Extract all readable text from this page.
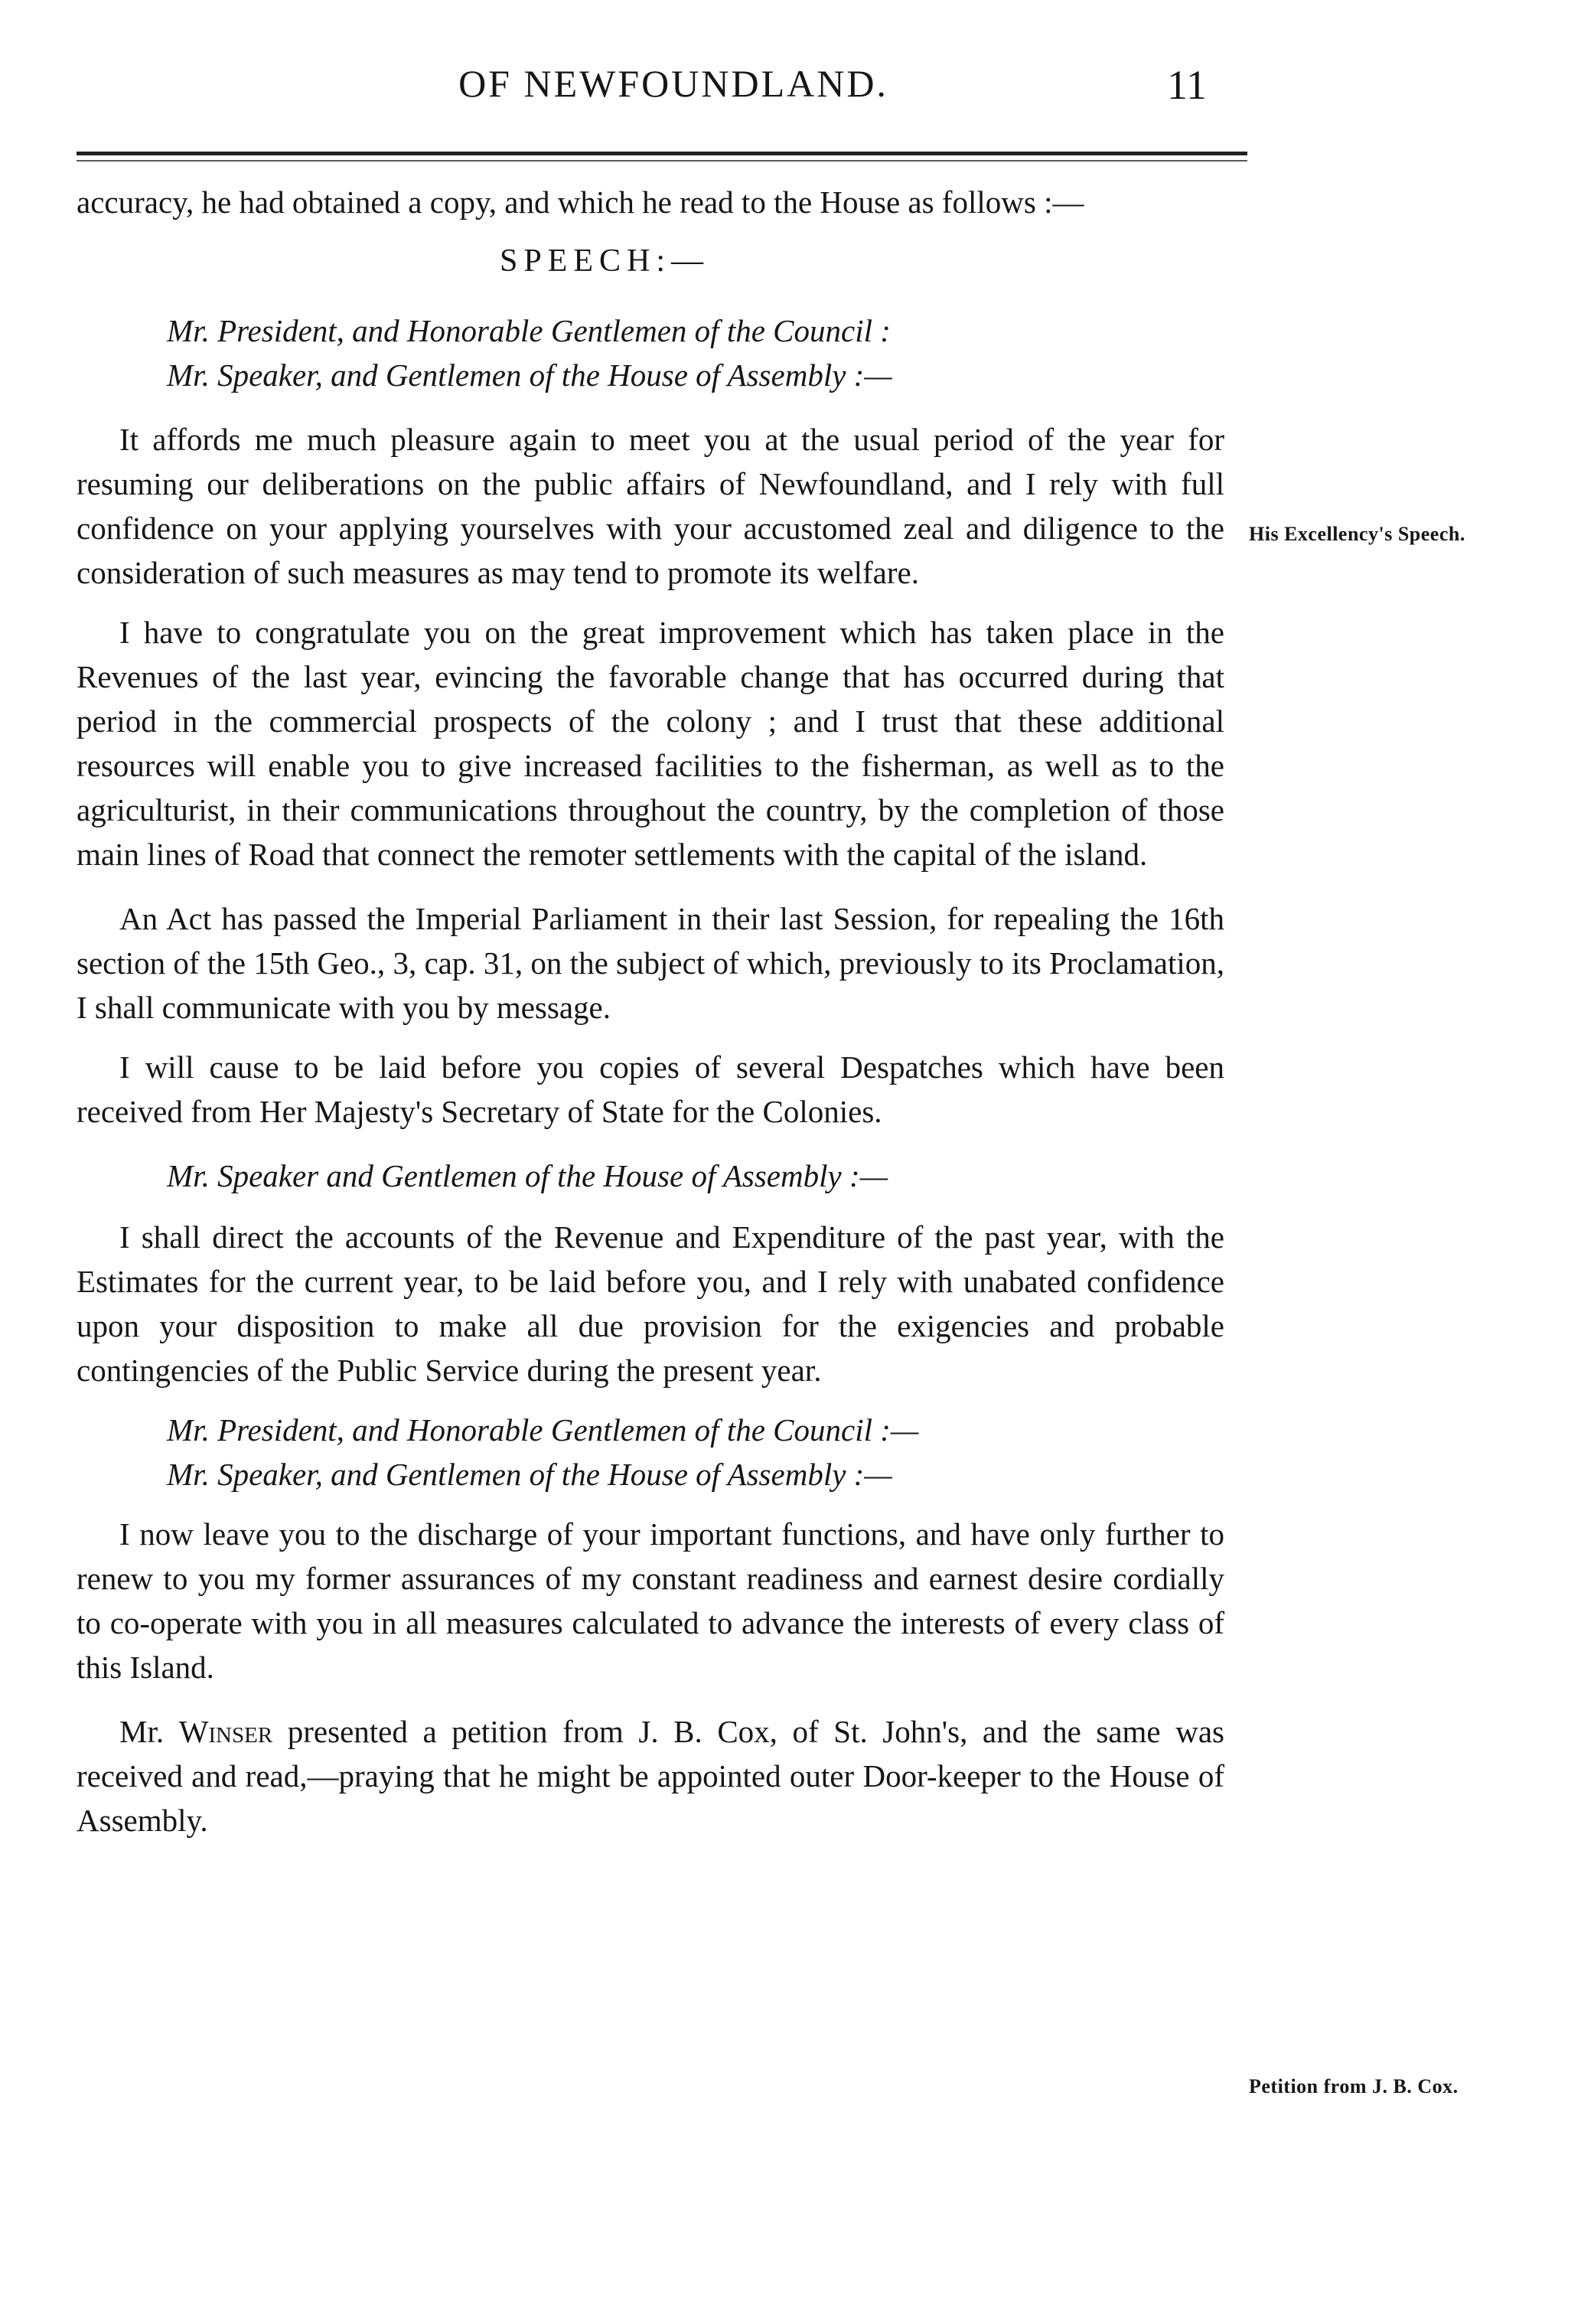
OF NEWFOUNDLAND.	11

accuracy, he had obtained a copy, and which he read to the House as follows :—

SPEECH:—

Mr. President, and Honorable Gentlemen of the Council :

Mr. Speaker, and Gentlemen of the House of Assembly :—

It affords me much pleasure again to meet you at the usual period of the year for resuming our deliberations on the public affairs of Newfoundland, and I rely with full confidence on your applying yourselves with your accustomed zeal and diligence to the consideration of such measures as may tend to promote its welfare.

I have to congratulate you on the great improvement which has taken place in the Revenues of the last year, evincing the favorable change that has occurred during that period in the commercial prospects of the colony ; and I trust that these additional resources will enable you to give increased facilities to the fisherman, as well as to the agriculturist, in their communications throughout the country, by the completion of those main lines of Road that connect the remoter settlements with the capital of the island.

An Act has passed the Imperial Parliament in their last Session, for repealing the 16th section of the 15th Geo., 3, cap. 31, on the subject of which, previously to its Proclamation, I shall communicate with you by message.

I will cause to be laid before you copies of several Despatches which have been received from Her Majesty's Secretary of State for the Colonies.

Mr. Speaker and Gentlemen of the House of Assembly :—

I shall direct the accounts of the Revenue and Expenditure of the past year, with the Estimates for the current year, to be laid before you, and I rely with unabated confidence upon your disposition to make all due provision for the exigencies and probable contingencies of the Public Service during the present year.

Mr. President, and Honorable Gentlemen of the Council :—

Mr. Speaker, and Gentlemen of the House of Assembly :—

I now leave you to the discharge of your important functions, and have only further to renew to you my former assurances of my constant readiness and earnest desire cordially to co-operate with you in all measures calculated to advance the interests of every class of this Island.

Mr. Winser presented a petition from J. B. Cox, of St. John's, and the same was received and read,—praying that he might be appointed outer Door-keeper to the House of Assembly.

His Excellency's Speech.
Petition from J. B. Cox.
